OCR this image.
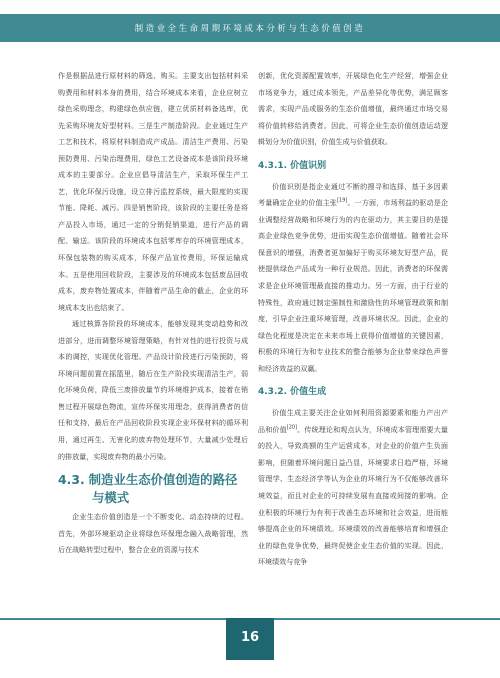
制造业全生命周期环境成本分析与生态价值创造

作是根据品进行原材料的筛选、购买。主要支出包括材料采购费用和材料本身的费用，结合环境成本来看，企业应树立绿色采购理念，构建绿色供应链，建立优质材料备选库，优先采购环境友好型材料。三是生产制造阶段。企业通过生产工艺和技术，将原材料制造成产成品。清洁生产费用、污染预防费用、污染治理费用，绿色工艺设备成本是该阶段环境成本的主要部分。企业应倡导清洁生产，采取环保生产工艺，优化环保污设施，设立排污监控系统，最大限度的实现节能、降耗、减污。四是销售阶段，该阶段的主要任务是将产品投入市场，通过一定的分销促销渠道，进行产品的调配、输送。该阶段的环境成本包括零库存的环境管理成本，环保包装物的购买成本，环保产品宣传费用，环保运输成本。五是使用回收阶段，主要涉及的环境成本包括废品回收成本，废弃物处置成本，伴随着产品生命的截止，企业的环境成本支出也结束了。

通过核算各阶段的环境成本，能够发现其变动趋势和改进部分，进而调整环境管理策略，有针对性的进行投资与成本的调控，实现优化管理。产品设计阶段进行污染预防，将环境问题前置在摇篮里，随后在生产阶段实现清洁生产，弱化环境负荷，降低三废排放量节约环境维护成本，接着在销售过程开展绿色物流，宣传环保实用理念，获得消费者的信任和支持，最后在产品回收阶段实现企业环保材料的循环利用，通过再生、无害化的废弃物处理环节，大量减少处理后的排放量，实现废弃物的最小污染。

4.3. 制造业生态价值创造的路径
与模式

企业生态价值创造是一个不断变化、动态持续的过程。首先，外部环境驱动企业将绿色环保理念融入战略管理，然后在战略转型过程中，整合企业的资源与技术

创新，优化资源配置效率，开展绿色化生产经营，增强企业市场竞争力，通过成本领先，产品差异化等优势，满足顾客需求，实现产品或服务的生态价值增值，最终通过市场交易将价值转移给消费者。因此，可将企业生态价值创造运动逻辑划分为价值识别，价值生成与价值获取。

4.3.1. 价值识别

价值识别是指企业通过不断的搜寻和选择，基于多因素考量确定企业的价值主张[19]。一方面，市场利益的驱动是企业调整经营战略和环境行为的内在驱动力，其主要目的是提高企业绿色竞争优势，进而实现生态价值增值。随着社会环保意识的增强，消费者更加偏好于购买环境友好型产品，促使提供绿色产品成为一种行业规范。因此，消费者的环保需求是企业环境管理最直接的推动力。另一方面，由于行业的特殊性，政府通过制定强制性和激励性的环境管理政策和制度，引导企业注重环境管理，改善环境状况。因此，企业的绿色化程度是决定在未来市场上获得价值增值的关键因素，积极的环境行为和专业技术的整合能够为企业带来绿色声誉和经济效益的双赢。

4.3.2. 价值生成

价值生成主要关注企业如何利用资源要素和能力产出产品和价值[20]。传统理论和观点认为，环境成本管理需要大量的投入，导致高额的生产运营成本，对企业的价值产生负面影响，但随着环境问题日益凸显，环境要求日趋严格，环境管理学、生态经济学等认为企业的环境行为不仅能够改善环境效益，而且对企业的可持续发展有直接或间接的影响。企业积极的环境行为有利于改善生态环境和社会效益，进而能够提高企业的环境绩效。环境绩效的改善能够培育和增强企业的绿色竞争优势，最终促使企业生态价值的实现。因此，环境绩效与竞争

16
